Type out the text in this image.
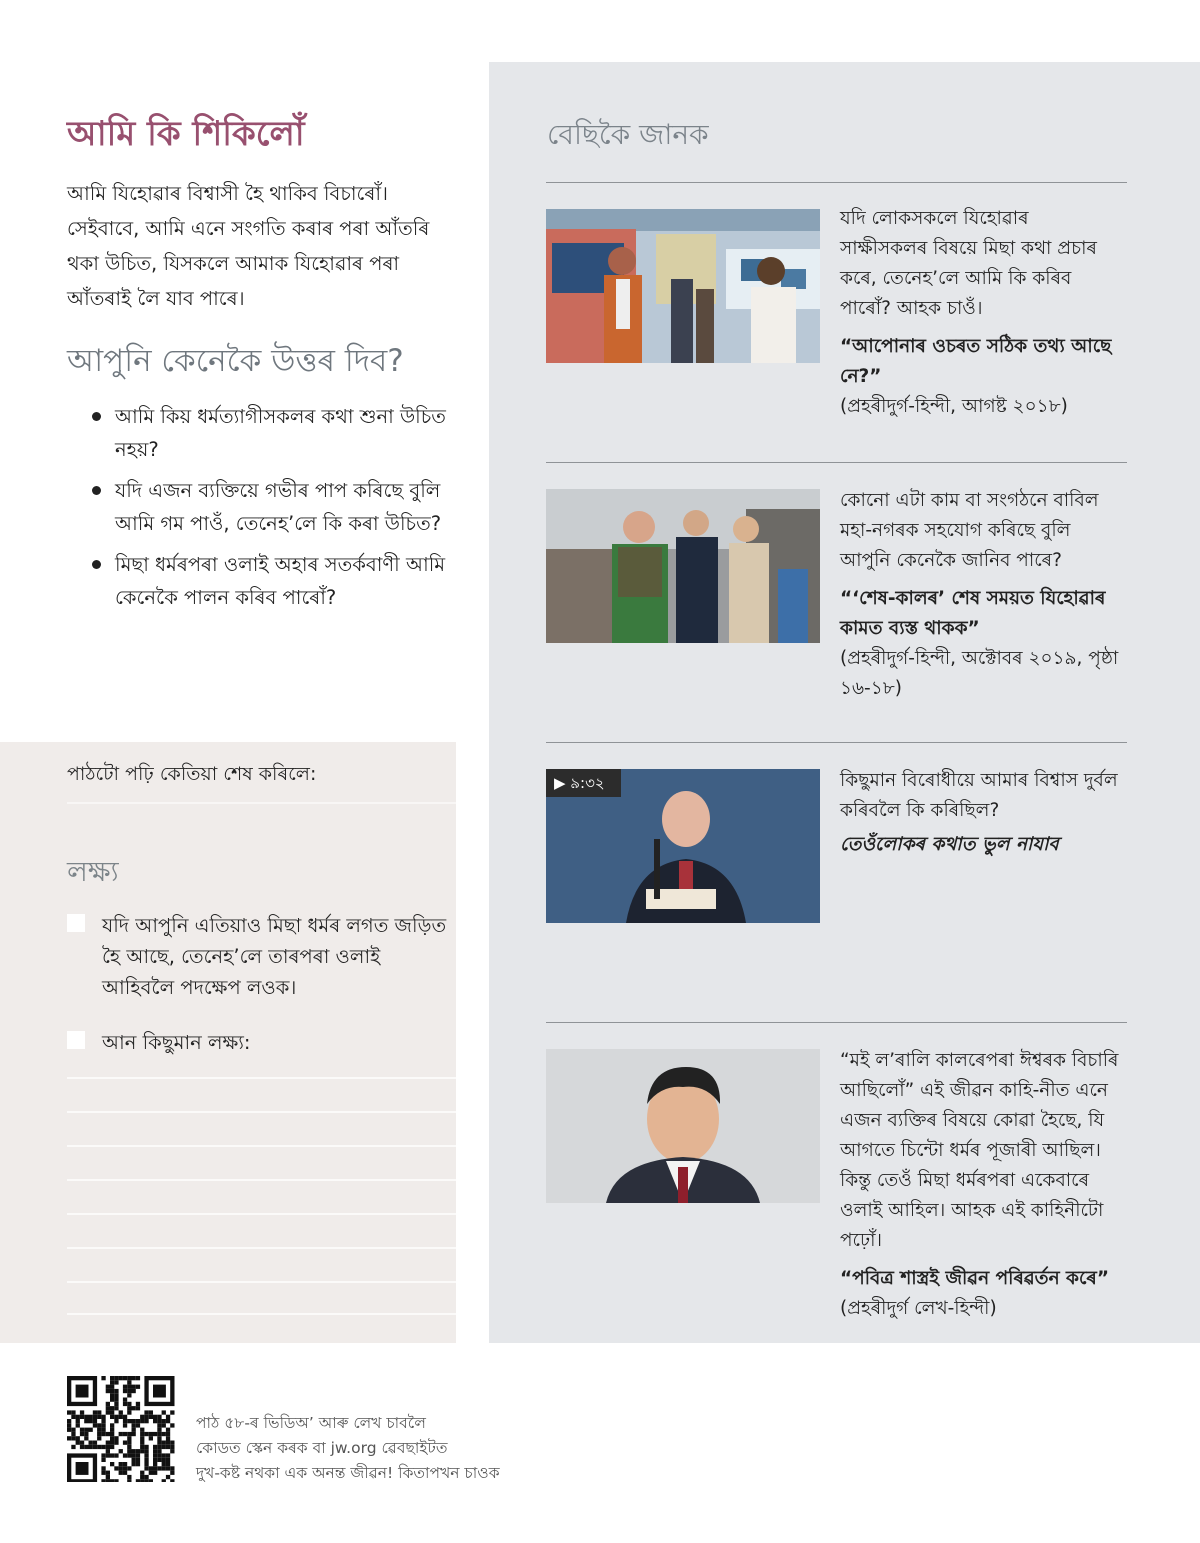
আমি কি শিকিলোঁ

আমি যিহোৱাৰ বিশ্বাসী হৈ থাকিব বিচাৰোঁ। সেইবাবে, আমি এনে সংগতি কৰাৰ পৰা আঁতৰি থকা উচিত, যিসকলে আমাক যিহোৱাৰ পৰা আঁতৰাই লৈ যাব পাৰে।

আপুনি কেনেকৈ উত্তৰ দিব?
আমি কিয় ধৰ্মত্যাগীসকলৰ কথা শুনা উচিত নহয়?
যদি এজন ব্যক্তিয়ে গভীৰ পাপ কৰিছে বুলি আমি গম পাওঁ, তেনেহ’লে কি কৰা উচিত?
মিছা ধৰ্মৰপৰা ওলাই অহাৰ সতৰ্কবাণী আমি কেনেকৈ পালন কৰিব পাৰোঁ?
পাঠটো পঢ়ি কেতিয়া শেষ কৰিলে:
লক্ষ্য
যদি আপুনি এতিয়াও মিছা ধৰ্মৰ লগত জড়িত হৈ আছে, তেনেহ’লে তাৰপৰা ওলাই আহিবলৈ পদক্ষেপ লওক।
আন কিছুমান লক্ষ্য:
বেছিকৈ জানক

যদি লোকসকলে যিহোৱাৰ সাক্ষীসকলৰ বিষয়ে মিছা কথা প্ৰচাৰ কৰে, তেনেহ’লে আমি কি কৰিব পাৰোঁ? আহক চাওঁ।

“আপোনাৰ ওচৰত সঠিক তথ্য আছে নে?”

(প্ৰহৰীদুৰ্গ-হিন্দী, আগষ্ট ২০১৮)

কোনো এটা কাম বা সংগঠনে বাবিল মহা-নগৰক সহযোগ কৰিছে বুলি আপুনি কেনেকৈ জানিব পাৰে?

“‘শেষ-কালৰ’ শেষ সময়ত যিহোৱাৰ কামত ব্যস্ত থাকক”

(প্ৰহৰীদুৰ্গ-হিন্দী, অক্টোবৰ ২০১৯, পৃষ্ঠা ১৬-১৮)

▶ ৯:৩২	কিছুমান বিৰোধীয়ে আমাৰ বিশ্বাস দুৰ্বল কৰিবলৈ কি কৰিছিল?

তেওঁলোকৰ কথাত ভুল নাযাব

“মই ল’ৰালি কালৰেপৰা ঈশ্বৰক বিচাৰি আছিলোঁ” এই জীৱন কাহি-নীত এনে এজন ব্যক্তিৰ বিষয়ে কোৱা হৈছে, যি আগতে চিন্টো ধৰ্মৰ পূজাৰী আছিল। কিন্তু তেওঁ মিছা ধৰ্মৰপৰা একেবাৰে ওলাই আহিল। আহক এই কাহিনীটো পঢ়োঁ।

“পবিত্ৰ শাস্ত্ৰই জীৱন পৰিৱৰ্তন কৰে”

(প্ৰহৰীদুৰ্গ লেখ-হিন্দী)

পাঠ ৫৮-ৰ ভিডিঅ’ আৰু লেখ চাবলৈ
কোডত স্কেন কৰক বা jw.org ৱেবছাইটত
দুখ-কষ্ট নথকা এক অনন্ত জীৱন! কিতাপখন চাওক
